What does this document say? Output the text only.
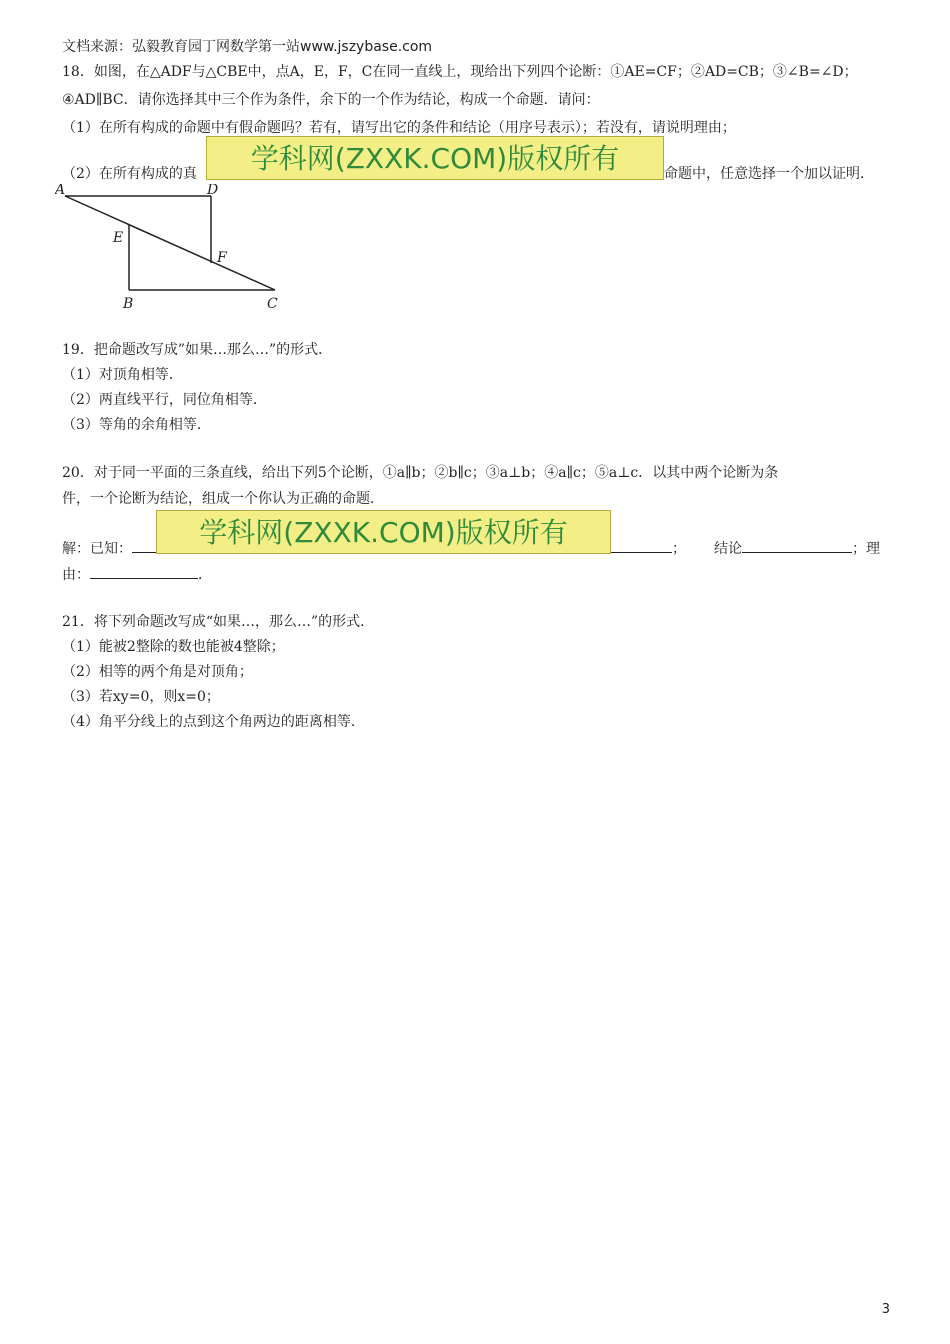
文档来源：弘毅教育园丁网数学第一站www.jszybase.com
18．如图，在△ADF与△CBE中，点A，E，F，C在同一直线上，现给出下列四个论断：①AE=CF；②AD=CB；③∠B=∠D；
④AD∥BC．请你选择其中三个作为条件，余下的一个作为结论，构成一个命题．请问：
（1）在所有构成的命题中有假命题吗？若有，请写出它的条件和结论（用序号表示）；若没有，请说明理由；
（2）在所有构成的真	命题中，任意选择一个加以证明．
学科网(ZXXK.COM)版权所有
A	D
E
F
B	C
19．把命题改写成”如果…那么…”的形式．
（1）对顶角相等．
（2）两直线平行，同位角相等．
（3）等角的余角相等．
20．对于同一平面的三条直线，给出下列5个论断，①a∥b；②b∥c；③a⊥b；④a∥c；⑤a⊥c．以其中两个论断为条
件，一个论断为结论，组成一个你认为正确的命题．
解：已知：	； 结论	；理
学科网(ZXXK.COM)版权所有
由：	．
21．将下列命题改写成“如果…，那么…”的形式．
（1）能被2整除的数也能被4整除；
（2）相等的两个角是对顶角；
（3）若xy=0，则x=0；
（4）角平分线上的点到这个角两边的距离相等．
3
